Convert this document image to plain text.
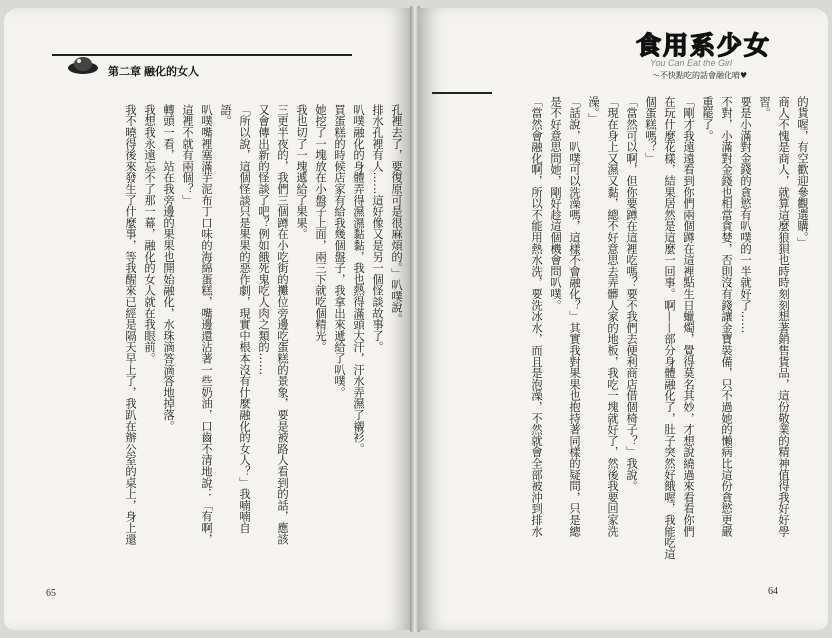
第二章 融化的女人
孔裡去了，要復原可是很麻煩的。」叭噗說。
排水孔裡有人……這好像又是另一個怪談故事了。
叭噗融化的身體弄得濕濕黏黏，我也熱得滿頭大汗，汗水弄濕了襯衫。
買蛋糕的時候店家有給我幾個盤子，我拿出來遞給了叭噗。
她挖了一塊放在小盤子上面，兩三下就吃個精光。
我也切了一塊遞給了果果。
三更半夜的，我們三個蹲在小吃街的攤位旁邊吃蛋糕的景象，要是被路人看到的話，應該
又會傳出新的怪談了吧？例如餓死鬼吃人肉之類的……
「所以說，這個怪談只是果果的惡作劇，現實中根本沒有什麼融化的女人？」我喃喃自
語。
叭噗嘴裡塞滿芋泥布丁口味的海綿蛋糕，嘴邊還沾著一些奶油，口齒不清地說：「有啊，
這裡不就有兩個？」
轉頭一看，站在我旁邊的果果也開始融化，水珠滴答滴答地掉落。
我想我永遠忘不了那一幕，融化的女人就在我眼前。
我不曉得後來發生了什麼事，等我醒來已經是隔天早上了，我趴在辦公室的桌上，身上還
65	64
食用系少女
You Can Eat the Girl
～不快點吃的話會融化唷♥
的貨喔，有空歡迎參觀選購。」
商人不愧是商人，就算這麼狼狽也時時刻刻想著銷售貨品，這份敬業的精神值得我好好學
習。
要是小滿對金錢的貪慾有叭噗的一半就好了……
不對，小滿對金錢也相當貪婪，否則沒有錢讓金寶裝備，只不過她的懶病比這份貪慾更嚴
重罷了。
「剛才我遠遠看到你們兩個蹲在這裡點生日蠟燭，覺得莫名其妙，才想說繞過來看看你們
在玩什麼花樣，結果居然是這麼一回事。啊——部分身體融化了，肚子突然好餓喔，我能吃這
個蛋糕嗎？」
「當然可以啊，但你要蹲在這裡吃嗎？要不我們去便利商店借個椅子？」我說。
「現在身上又濕又黏，總不好意思去弄髒人家的地板，我吃一塊就好了，然後我要回家洗
澡。」
「話說，叭噗可以洗澡嗎，這樣不會融化？」其實我對果果也抱持著同樣的疑問，只是總
是不好意思問她，剛好趁這個機會問叭噗。
「當然會融化啊，所以不能用熱水洗，要洗冰水，而且是泡澡，不然就會全部被沖到排水
